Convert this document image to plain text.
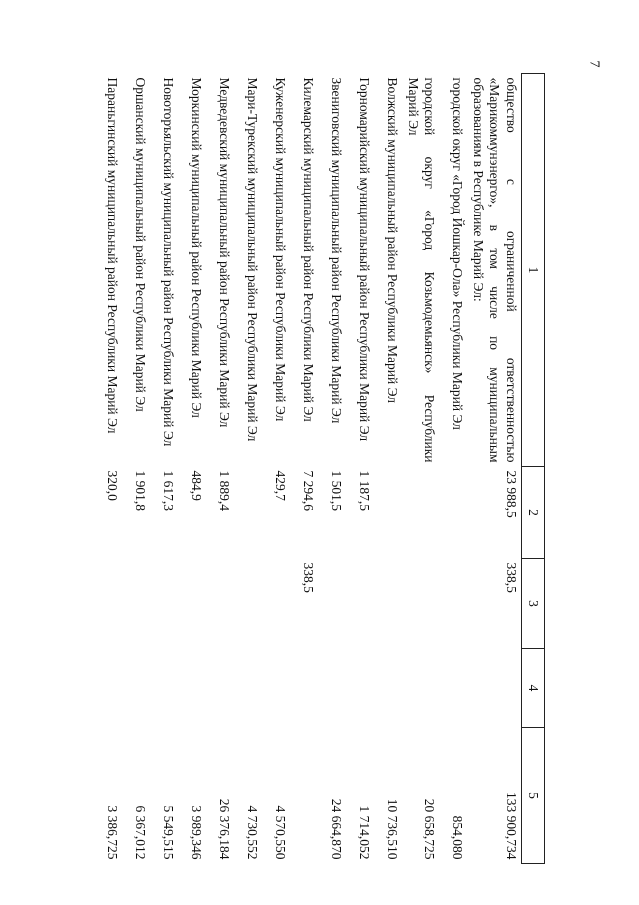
7
1	2	3	4	5

общество с ограниченной ответственностью
«Марикоммунэнерго», в том числе по муниципальным
образованиям в Республике Марий Эл:	23 988,5	338,5		133 900,734

городской округ «Город Йошкар-Ола» Республики Марий Эл				854,080

городской округ «Город Козьмодемьянск» Республики
Марий Эл				20 658,725

Волжский муниципальный район Республики Марий Эл				10 736,510

Горномарийский муниципальный район Республики Марий Эл	1 187,5			1 714,052

Звениговский муниципальный район Республики Марий Эл	1 501,5			24 664,870

Килемарский муниципальный район Республики Марий Эл	7 294,6	338,5		

Куженерский муниципальный район Республики Марий Эл	429,7			4 570,550

Мари-Турекский муниципальный район Республики Марий Эл				4 730,552

Медведевский муниципальный район Республики Марий Эл	1 889,4			26 376,184

Моркинский муниципальный район Республики Марий Эл	484,9			3 989,346

Новоторъяльский муниципальный район Республики Марий Эл	1 617,3			5 549,515

Оршанский муниципальный район Республики Марий Эл	1 901,8			6 367,012

Параньгинский муниципальный район Республики Марий Эл	320,0			3 386,725
